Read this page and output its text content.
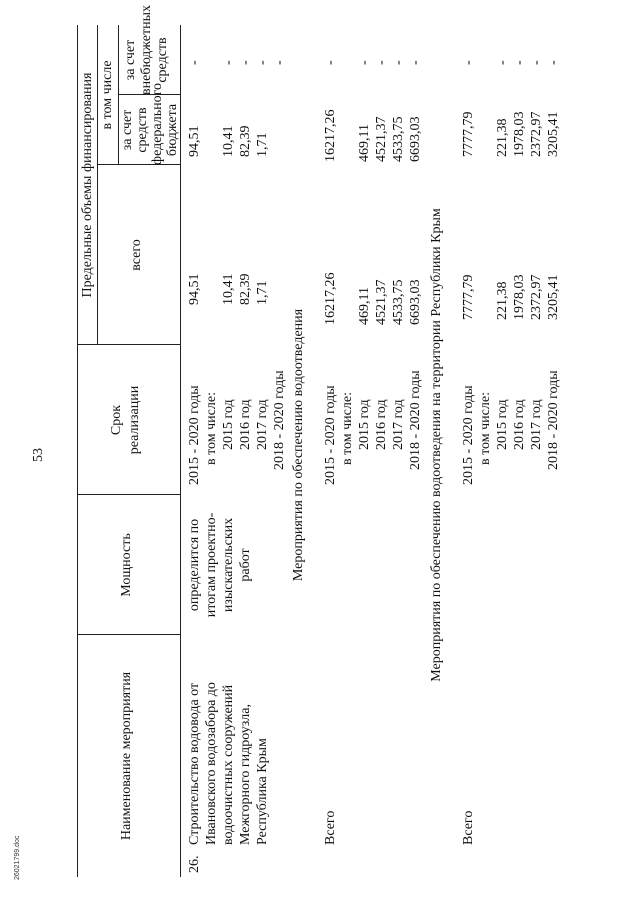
53
Наименование мероприятия
Мощность
Срок реализации
Предельные объемы финансирования всего
в том числе
за счет средств федерального бюджета
за счет внебюджетных средств
26.
Строительство водовода от Ивановского водозабора до водоочистных сооружений Межгорного гидроузла, Республика Крым
определится по итогам проектно- изыскательских работ
2015 - 2020 годы в том числе: 2015 год 2016 год 2017 год 2018 - 2020 годы
94,51 10,41 82,39 1,71
94,51 10,41 82,39 1,71
- - - - -
Мероприятия по обеспечению водоотведения
Всего
2015 - 2020 годы в том числе: 2015 год 2016 год 2017 год 2018 - 2020 годы
16217,26 469,11 4521,37 4533,75 6693,03
16217,26 469,11 4521,37 4533,75 6693,03
- - - - -
Мероприятия по обеспечению водоотведения на территории Республики Крым
Всего
2015 - 2020 годы в том числе: 2015 год 2016 год 2017 год 2018 - 2020 годы
7777,79 221,38 1978,03 2372,97 3205,41
7777,79 221,38 1978,03 2372,97 3205,41
- - - - -
26021799.doc
